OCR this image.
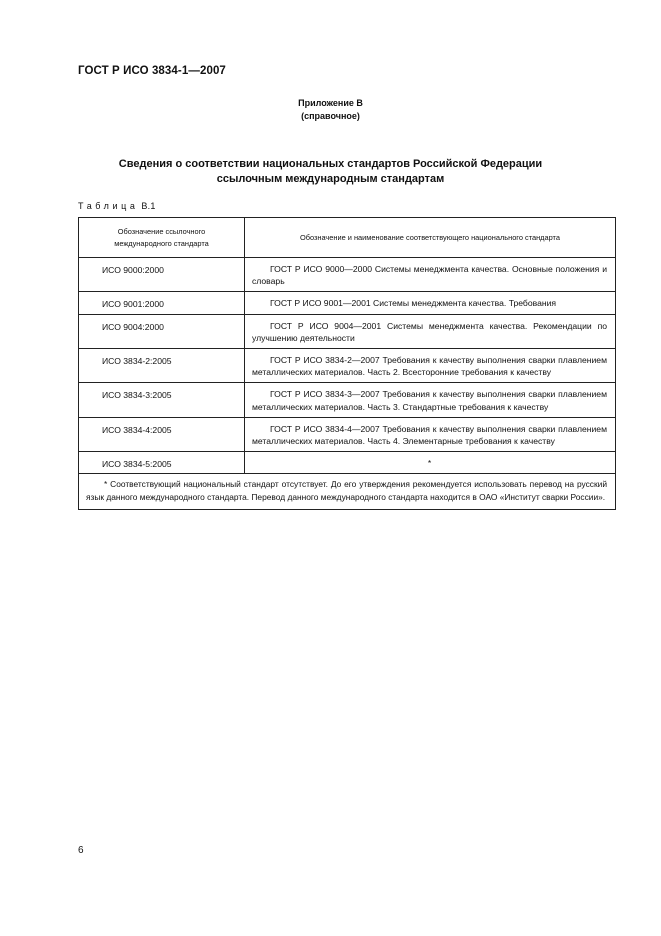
ГОСТ Р ИСО 3834-1—2007
Приложение В
(справочное)
Сведения о соответствии национальных стандартов Российской Федерации
ссылочным международным стандартам
Таблица В.1
Обозначение ссылочного
международного стандарта	Обозначение и наименование соответствующего национального стандарта
ИСО 9000:2000	ГОСТ Р ИСО 9000—2000 Системы менеджмента качества. Основные положения и словарь
ИСО 9001:2000	ГОСТ Р ИСО 9001—2001 Системы менеджмента качества. Требования
ИСО 9004:2000	ГОСТ Р ИСО 9004—2001 Системы менеджмента качества. Рекомендации по улучшению деятельности
ИСО 3834-2:2005	ГОСТ Р ИСО 3834-2—2007 Требования к качеству выполнения сварки плавлением металлических материалов. Часть 2. Всесторонние требования к качеству
ИСО 3834-3:2005	ГОСТ Р ИСО 3834-3—2007 Требования к качеству выполнения сварки плавлением металлических материалов. Часть 3. Стандартные требования к качеству
ИСО 3834-4:2005	ГОСТ Р ИСО 3834-4—2007 Требования к качеству выполнения сварки плавлением металлических материалов. Часть 4. Элементарные требования к качеству
ИСО 3834-5:2005	*
* Соответствующий национальный стандарт отсутствует. До его утверждения рекомендуется использовать перевод на русский язык данного международного стандарта. Перевод данного международного стандарта находится в ОАО «Институт сварки России».	
6
